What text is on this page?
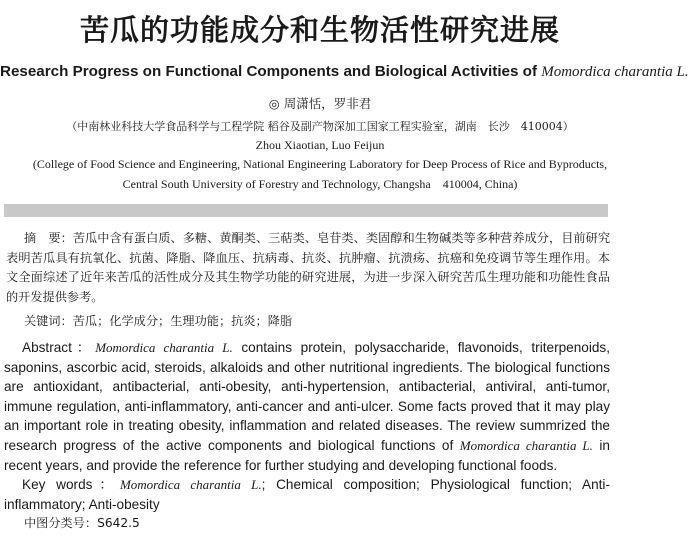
苦瓜的功能成分和生物活性研究进展
Research Progress on Functional Components and Biological Activities of Momordica charantia L.
◎ 周潇恬，罗非君
（中南林业科技大学食品科学与工程学院 稻谷及副产物深加工国家工程实验室，湖南　长沙　410004）
Zhou Xiaotian, Luo Feijun
(College of Food Science and Engineering, National Engineering Laboratory for Deep Process of Rice and Byproducts,
Central South University of Forestry and Technology, Changsha　410004, China)
摘　要：苦瓜中含有蛋白质、多糖、黄酮类、三萜类、皂苷类、类固醇和生物碱类等多种营养成分，目前研究表明苦瓜具有抗氧化、抗菌、降脂、降血压、抗病毒、抗炎、抗肿瘤、抗溃疡、抗癌和免疫调节等生理作用。本文全面综述了近年来苦瓜的活性成分及其生物学功能的研究进展，为进一步深入研究苦瓜生理功能和功能性食品的开发提供参考。
关键词：苦瓜；化学成分；生理功能；抗炎；降脂
Abstract：Momordica charantia L. contains protein, polysaccharide, flavonoids, triterpenoids, saponins, ascorbic acid, steroids, alkaloids and other nutritional ingredients. The biological functions are antioxidant, antibacterial, anti-obesity, anti-hypertension, antibacterial, antiviral, anti-tumor, immune regulation, anti-inflammatory, anti-cancer and anti-ulcer. Some facts proved that it may play an important role in treating obesity, inflammation and related diseases. The review summrized the research progress of the active components and biological functions of Momordica charantia L. in recent years, and provide the reference for further studying and developing functional foods.
Key words：Momordica charantia L.; Chemical composition; Physiological function; Anti-inflammatory; Anti-obesity
中图分类号：S642.5
